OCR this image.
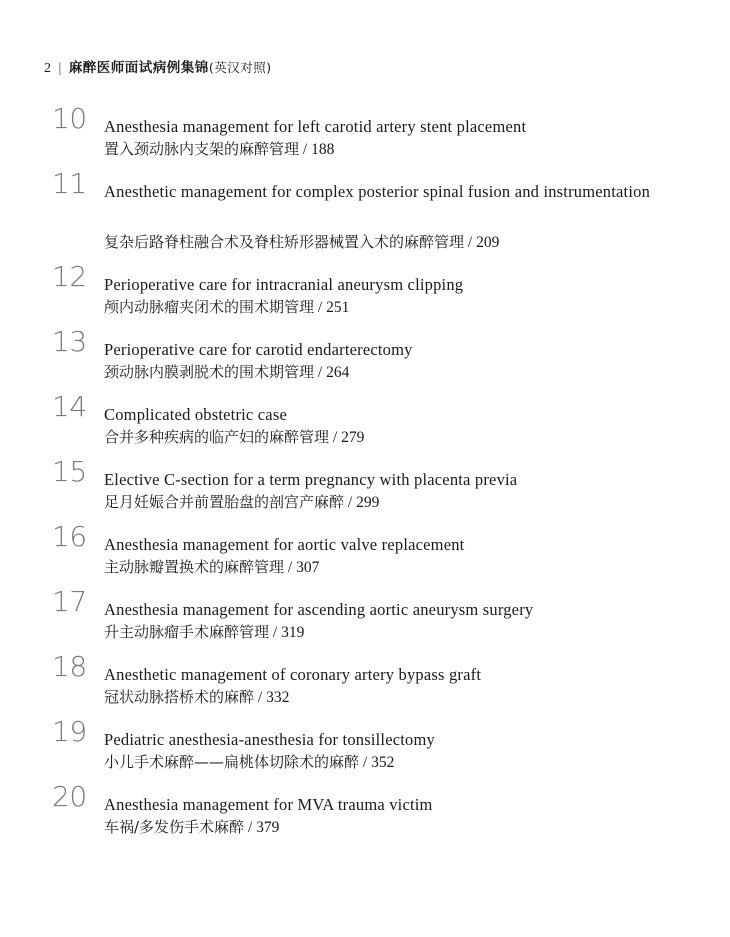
2 | 麻醉医师面试病例集锦(英汉对照)
10 Anesthesia management for left carotid artery stent placement
置入颈动脉内支架的麻醉管理 / 188
11 Anesthetic management for complex posterior spinal fusion and instrumentation
复杂后路脊柱融合术及脊柱矫形器械置入术的麻醉管理 / 209
12 Perioperative care for intracranial aneurysm clipping
颅内动脉瘤夹闭术的围术期管理 / 251
13 Perioperative care for carotid endarterectomy
颈动脉内膜剥脱术的围术期管理 / 264
14 Complicated obstetric case
合并多种疾病的临产妇的麻醉管理 / 279
15 Elective C-section for a term pregnancy with placenta previa
足月妊娠合并前置胎盘的剖宫产麻醉 / 299
16 Anesthesia management for aortic valve replacement
主动脉瓣置换术的麻醉管理 / 307
17 Anesthesia management for ascending aortic aneurysm surgery
升主动脉瘤手术麻醉管理 / 319
18 Anesthetic management of coronary artery bypass graft
冠状动脉搭桥术的麻醉 / 332
19 Pediatric anesthesia-anesthesia for tonsillectomy
小儿手术麻醉——扁桃体切除术的麻醉 / 352
20 Anesthesia management for MVA trauma victim
车祸/多发伤手术麻醉 / 379
